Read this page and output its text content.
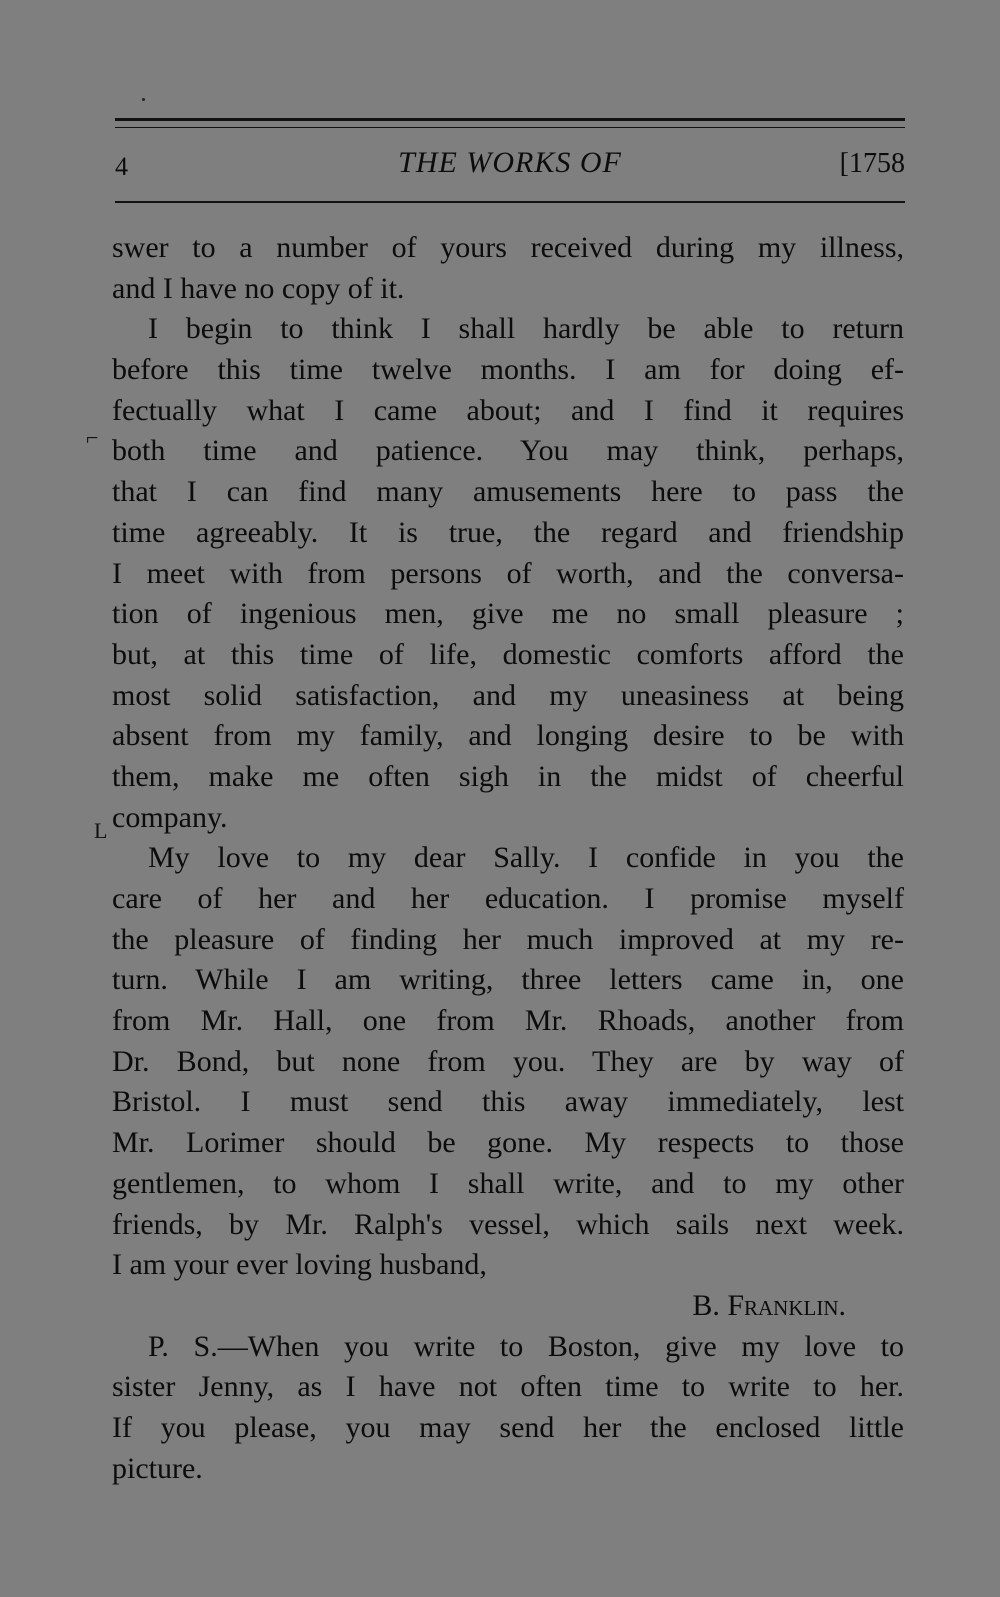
4	THE WORKS OF	[1758
⌐
L
swer to a number of yours received during my illness,
and I have no copy of it.
I begin to think I shall hardly be able to return
before this time twelve months. I am for doing ef-
fectually what I came about; and I find it requires
both time and patience. You may think, perhaps,
that I can find many amusements here to pass the
time agreeably. It is true, the regard and friendship
I meet with from persons of worth, and the conversa-
tion of ingenious men, give me no small pleasure ;
but, at this time of life, domestic comforts afford the
most solid satisfaction, and my uneasiness at being
absent from my family, and longing desire to be with
them, make me often sigh in the midst of cheerful
company.
My love to my dear Sally. I confide in you the
care of her and her education. I promise myself
the pleasure of finding her much improved at my re-
turn. While I am writing, three letters came in, one
from Mr. Hall, one from Mr. Rhoads, another from
Dr. Bond, but none from you. They are by way of
Bristol. I must send this away immediately, lest
Mr. Lorimer should be gone. My respects to those
gentlemen, to whom I shall write, and to my other
friends, by Mr. Ralph's vessel, which sails next week.
I am your ever loving husband,
B. Franklin.
P. S.—When you write to Boston, give my love to
sister Jenny, as I have not often time to write to her.
If you please, you may send her the enclosed little
picture.
